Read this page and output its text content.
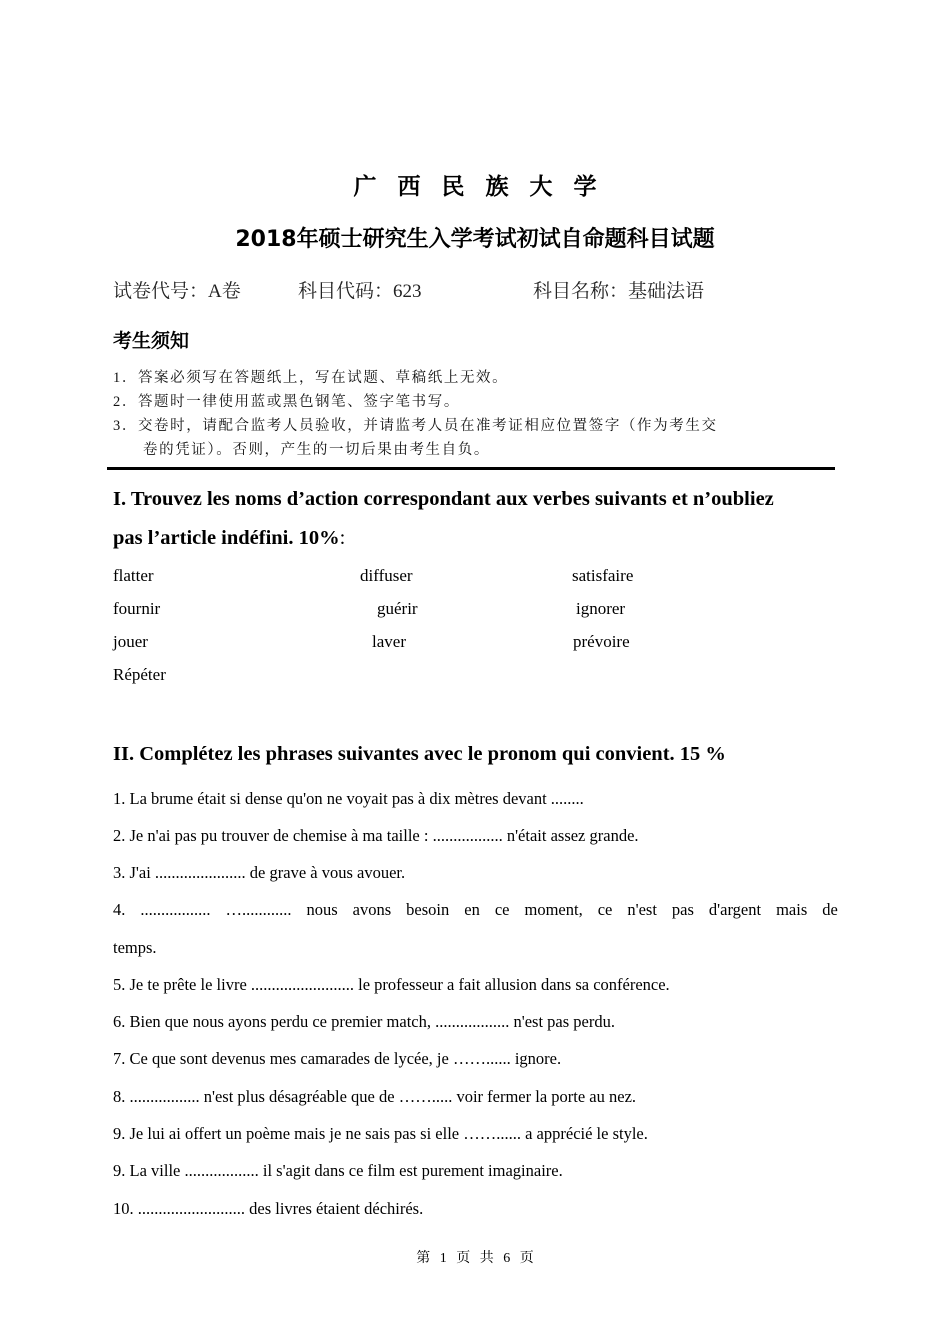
广西民族大学
2018年硕士研究生入学考试初试自命题科目试题
试卷代号：A卷	科目代码：623	科目名称：基础法语
考生须知
1．答案必须写在答题纸上，写在试题、草稿纸上无效。
2．答题时一律使用蓝或黑色钢笔、签字笔书写。
3．交卷时，请配合监考人员验收，并请监考人员在准考证相应位置签字（作为考生交
卷的凭证）。否则，产生的一切后果由考生自负。
I. Trouvez les noms d’action correspondant aux verbes suivants et n’oubliez
pas l’article indéfini. 10%:
flatter	diffuser	satisfaire
fournir	guérir	ignorer
jouer	laver	prévoire
Répéter
II. Complétez les phrases suivantes avec le pronom qui convient. 15 %
1. La brume était si dense qu'on ne voyait pas à dix mètres devant ........
2. Je n'ai pas pu trouver de chemise à ma taille : ................. n'était assez grande.
3. J'ai ...................... de grave à vous avouer.
4. ................. …............ nous avons besoin en ce moment, ce n'est pas d'argent mais de
temps.
5. Je te prête le livre ......................... le professeur a fait allusion dans sa conférence.
6. Bien que nous ayons perdu ce premier match, .................. n'est pas perdu.
7. Ce que sont devenus mes camarades de lycée, je ……...... ignore.
8. ................. n'est plus désagréable que de ……..... voir fermer la porte au nez.
9. Je lui ai offert un poème mais je ne sais pas si elle ……...... a apprécié le style.
9. La ville .................. il s'agit dans ce film est purement imaginaire.
10. .......................... des livres étaient déchirés.
第 1 页 共 6 页
